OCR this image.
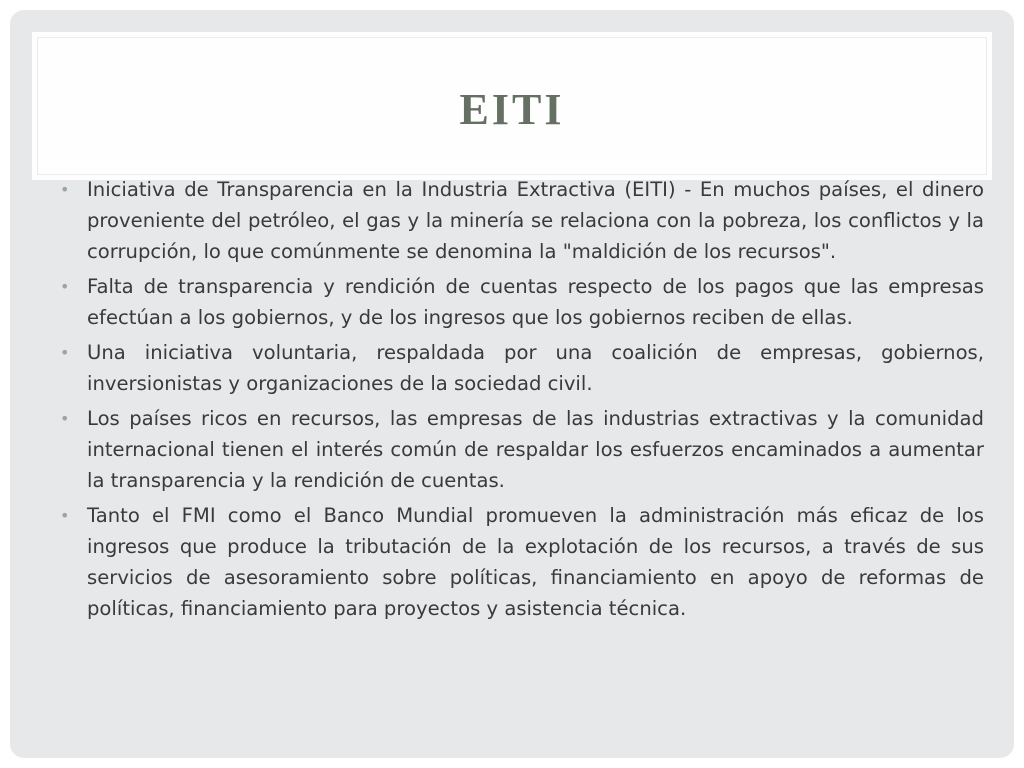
EITI
• Iniciativa de Transparencia en la Industria Extractiva (EITI) - En muchos países, el dinero proveniente del petróleo, el gas y la minería se relaciona con la pobreza, los conflictos y la corrupción, lo que comúnmente se denomina la "maldición de los recursos".
• Falta de transparencia y rendición de cuentas respecto de los pagos que las empresas efectúan a los gobiernos, y de los ingresos que los gobiernos reciben de ellas.
• Una iniciativa voluntaria, respaldada por una coalición de empresas, gobiernos, inversionistas y organizaciones de la sociedad civil.
• Los países ricos en recursos, las empresas de las industrias extractivas y la comunidad internacional tienen el interés común de respaldar los esfuerzos encaminados a aumentar la transparencia y la rendición de cuentas.
• Tanto el FMI como el Banco Mundial promueven la administración más eficaz de los ingresos que produce la tributación de la explotación de los recursos, a través de sus servicios de asesoramiento sobre políticas, financiamiento en apoyo de reformas de políticas, financiamiento para proyectos y asistencia técnica.
